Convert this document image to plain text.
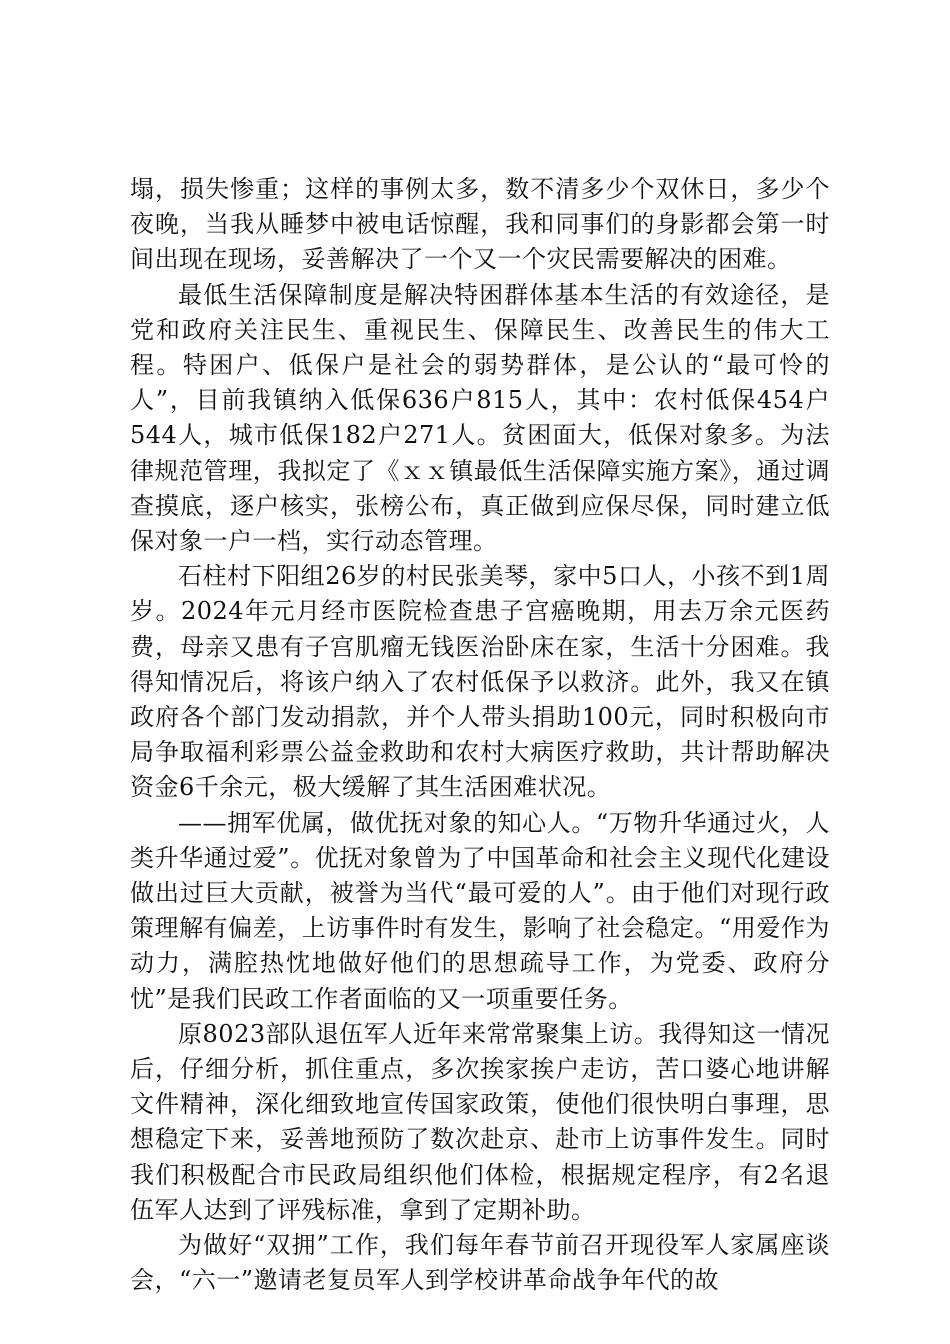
塌，损失惨重；这样的事例太多，数不清多少个双休日，多少个夜晚，当我从睡梦中被电话惊醒，我和同事们的身影都会第一时间出现在现场，妥善解决了一个又一个灾民需要解决的困难。

最低生活保障制度是解决特困群体基本生活的有效途径，是党和政府关注民生、重视民生、保障民生、改善民生的伟大工程。特困户、低保户是社会的弱势群体，是公认的“最可怜的人”，目前我镇纳入低保636户815人，其中：农村低保454户544人，城市低保182户271人。贫困面大，低保对象多。为法律规范管理，我拟定了《ｘｘ镇最低生活保障实施方案》，通过调查摸底，逐户核实，张榜公布，真正做到应保尽保，同时建立低保对象一户一档，实行动态管理。

石柱村下阳组26岁的村民张美琴，家中5口人，小孩不到1周岁。2024年元月经市医院检查患子宫癌晚期，用去万余元医药费，母亲又患有子宫肌瘤无钱医治卧床在家，生活十分困难。我得知情况后，将该户纳入了农村低保予以救济。此外，我又在镇政府各个部门发动捐款，并个人带头捐助100元，同时积极向市局争取福利彩票公益金救助和农村大病医疗救助，共计帮助解决资金6千余元，极大缓解了其生活困难状况。

——拥军优属，做优抚对象的知心人。“万物升华通过火，人类升华通过爱”。优抚对象曾为了中国革命和社会主义现代化建设做出过巨大贡献，被誉为当代“最可爱的人”。由于他们对现行政策理解有偏差，上访事件时有发生，影响了社会稳定。“用爱作为动力，满腔热忱地做好他们的思想疏导工作，为党委、政府分忧”是我们民政工作者面临的又一项重要任务。

原8023部队退伍军人近年来常常聚集上访。我得知这一情况后，仔细分析，抓住重点，多次挨家挨户走访，苦口婆心地讲解文件精神，深化细致地宣传国家政策，使他们很快明白事理，思想稳定下来，妥善地预防了数次赴京、赴市上访事件发生。同时我们积极配合市民政局组织他们体检，根据规定程序，有2名退伍军人达到了评残标准，拿到了定期补助。

为做好“双拥”工作，我们每年春节前召开现役军人家属座谈会，“六一”邀请老复员军人到学校讲革命战争年代的故
